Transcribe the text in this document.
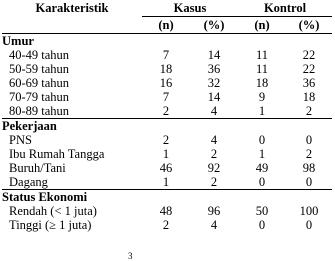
Karakteristik	Kasus		Kontrol	
	(n)	(%)	(n)	(%)
Umur				
40-49 tahun	7	14	11	22
50-59 tahun	18	36	11	22
60-69 tahun	16	32	18	36
70-79 tahun	7	14	9	18
80-89 tahun	2	4	1	2
Pekerjaan				
PNS	2	4	0	0
Ibu Rumah Tangga	1	2	1	2
Buruh/Tani	46	92	49	98
Dagang	1	2	0	0
Status Ekonomi				
Rendah (< 1 juta)	48	96	50	100
Tinggi (≥ 1 juta)	2	4	0	0
3
